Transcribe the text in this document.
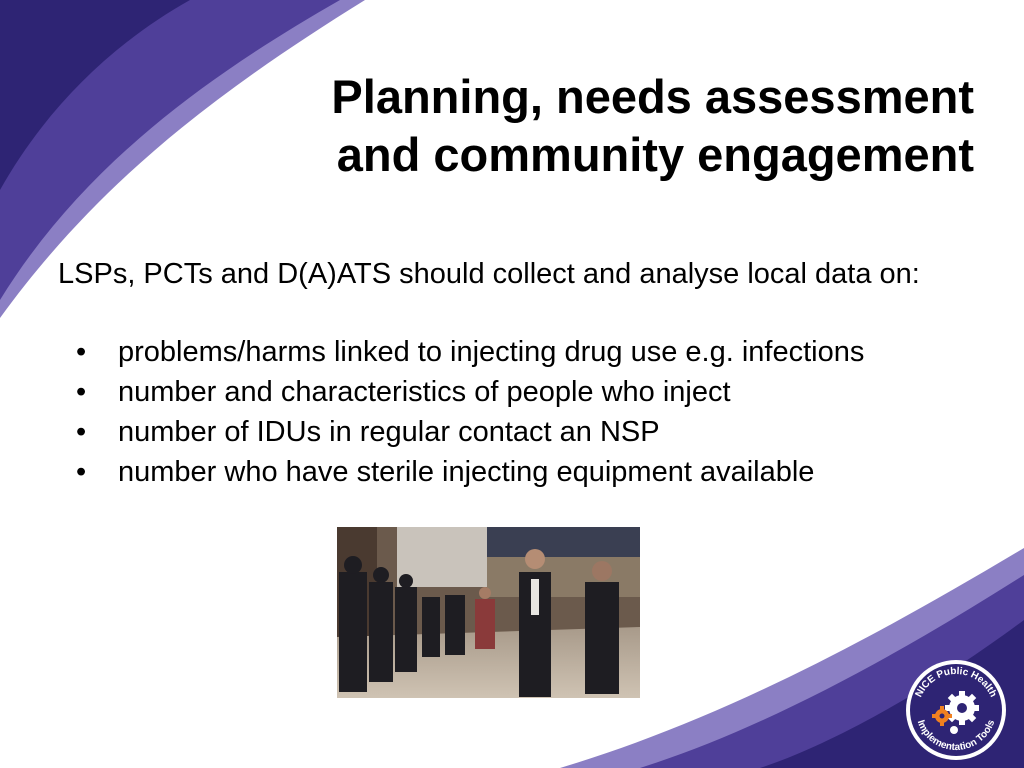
Planning, needs assessment
and community engagement

LSPs, PCTs and D(A)ATS should collect and analyse local data on:

•	problems/harms linked to injecting drug use e.g. infections
•	number and characteristics of people who inject
•	number of IDUs in regular contact an NSP
•	number who have sterile injecting equipment available
NICE Public Health
Implementation Tools
